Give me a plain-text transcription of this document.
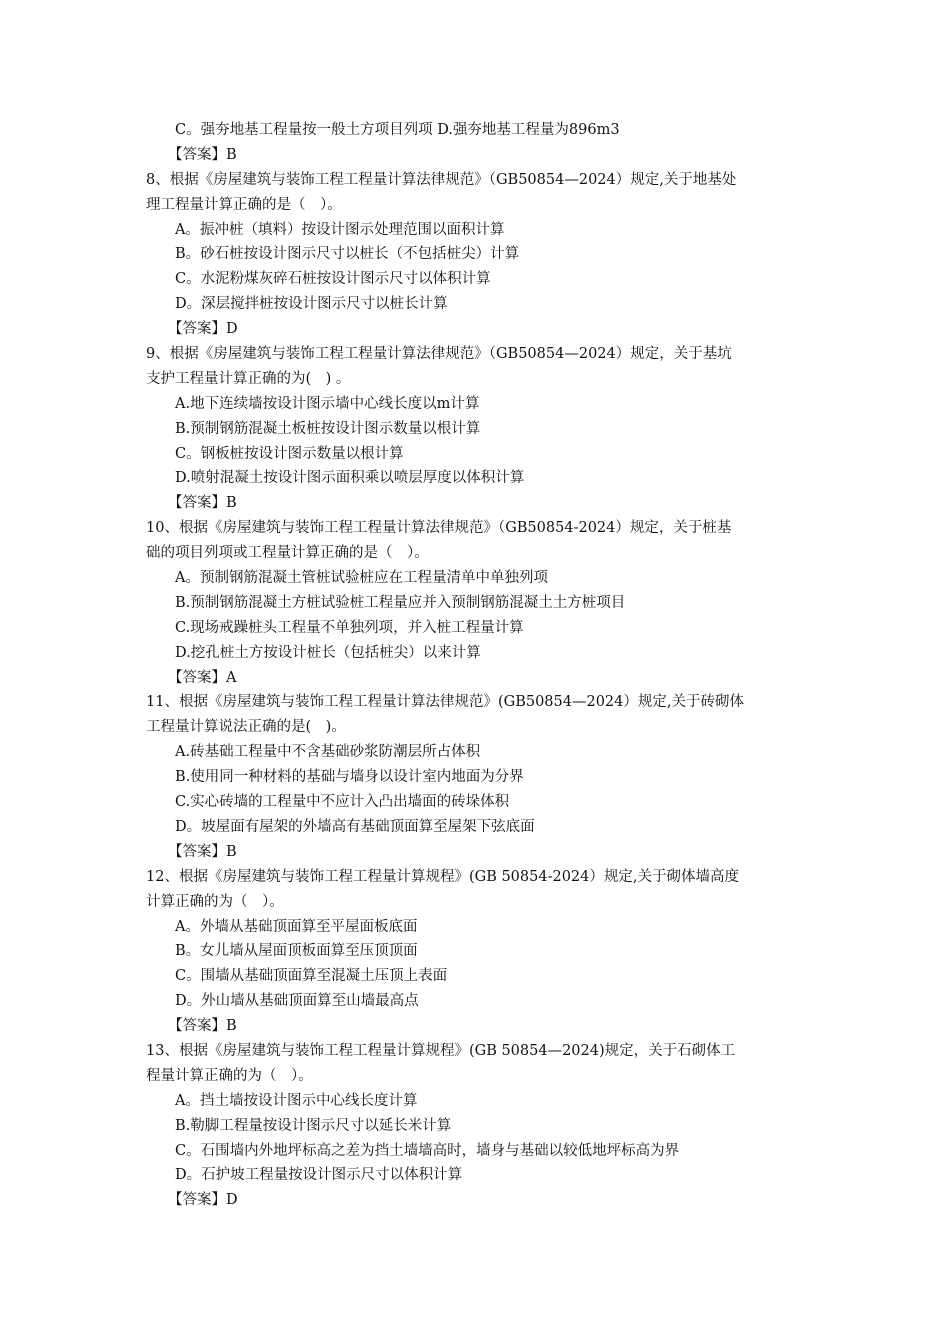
C。强夯地基工程量按一般土方项目列项 D.强夯地基工程量为896m3
【答案】B
8、根据《房屋建筑与装饰工程工程量计算法律规范》（GB50854—2024）规定,关于地基处
理工程量计算正确的是（　）。
A。振冲桩（填料）按设计图示处理范围以面积计算
B。砂石桩按设计图示尺寸以桩长（不包括桩尖）计算
C。水泥粉煤灰碎石桩按设计图示尺寸以体积计算
D。深层搅拌桩按设计图示尺寸以桩长计算
【答案】D
9、根据《房屋建筑与装饰工程工程量计算法律规范》（GB50854—2024）规定，关于基坑
支护工程量计算正确的为(　) 。
A.地下连续墙按设计图示墙中心线长度以m计算
B.预制钢筋混凝土板桩按设计图示数量以根计算
C。钢板桩按设计图示数量以根计算
D.喷射混凝土按设计图示面积乘以喷层厚度以体积计算
【答案】B
10、根据《房屋建筑与装饰工程工程量计算法律规范》（GB50854-2024）规定，关于桩基
础的项目列项或工程量计算正确的是（　）。
A。预制钢筋混凝土管桩试验桩应在工程量清单中单独列项
B.预制钢筋混凝土方桩试验桩工程量应并入预制钢筋混凝土土方桩项目
C.现场戒躁桩头工程量不单独列项，并入桩工程量计算
D.挖孔桩土方按设计桩长（包括桩尖）以来计算
【答案】A
11、根据《房屋建筑与装饰工程工程量计算法律规范》(GB50854—2024）规定,关于砖砌体
工程量计算说法正确的是(　)。
A.砖基础工程量中不含基础砂浆防潮层所占体积
B.使用同一种材料的基础与墙身以设计室内地面为分界
C.实心砖墙的工程量中不应计入凸出墙面的砖垛体积
D。坡屋面有屋架的外墙高有基础顶面算至屋架下弦底面
【答案】B
12、根据《房屋建筑与装饰工程工程量计算规程》(GB 50854-2024）规定,关于砌体墙高度
计算正确的为（　）。
A。外墙从基础顶面算至平屋面板底面
B。女儿墙从屋面顶板面算至压顶顶面
C。围墙从基础顶面算至混凝土压顶上表面
D。外山墙从基础顶面算至山墙最高点
【答案】B
13、根据《房屋建筑与装饰工程工程量计算规程》(GB 50854—2024)规定，关于石砌体工
程量计算正确的为（　）。
A。挡土墙按设计图示中心线长度计算
B.勒脚工程量按设计图示尺寸以延长米计算
C。石围墙内外地坪标高之差为挡土墙墙高时，墙身与基础以较低地坪标高为界
D。石护坡工程量按设计图示尺寸以体积计算
【答案】D
